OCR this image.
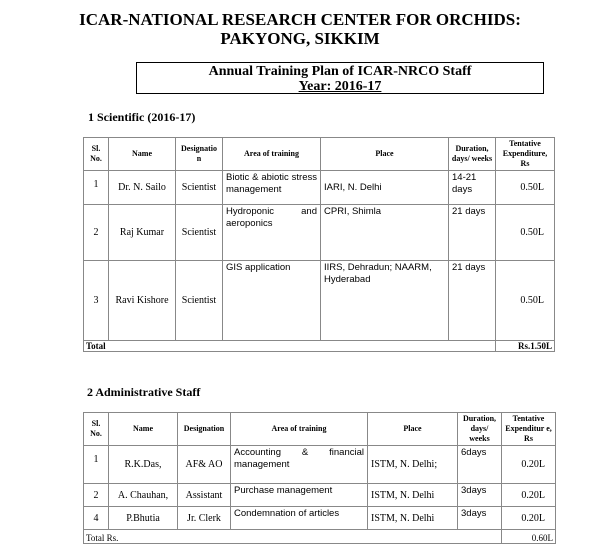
ICAR-NATIONAL RESEARCH CENTER FOR ORCHIDS:
PAKYONG, SIKKIM
Annual Training Plan of ICAR-NRCO Staff
Year: 2016-17
1 Scientific (2016-17)
Sl. No.	Name	Designatio n	Area of training	Place	Duration, days/ weeks	Tentative Expenditure, Rs
1	Dr. N. Sailo	Scientist	Biotic & abiotic stress management	IARI, N. Delhi	14-21 days	0.50L
2	Raj Kumar	Scientist	Hydroponic and aeroponics	CPRI, Shimla	21 days	0.50L
3	Ravi Kishore	Scientist	GIS application	IIRS, Dehradun; NAARM, Hyderabad	21 days	0.50L
Total						Rs.1.50L
2 Administrative Staff
Sl. No.	Name	Designation	Area of training	Place	Duration, days/ weeks	Tentative Expenditur e, Rs
1	R.K.Das,	AF& AO	Accounting & financial management	ISTM, N. Delhi;	6days	0.20L
2	A. Chauhan,	Assistant	Purchase management	ISTM, N. Delhi	3days	0.20L
4	P.Bhutia	Jr. Clerk	Condemnation of articles	ISTM, N. Delhi	3days	0.20L
Total Rs.						0.60L
